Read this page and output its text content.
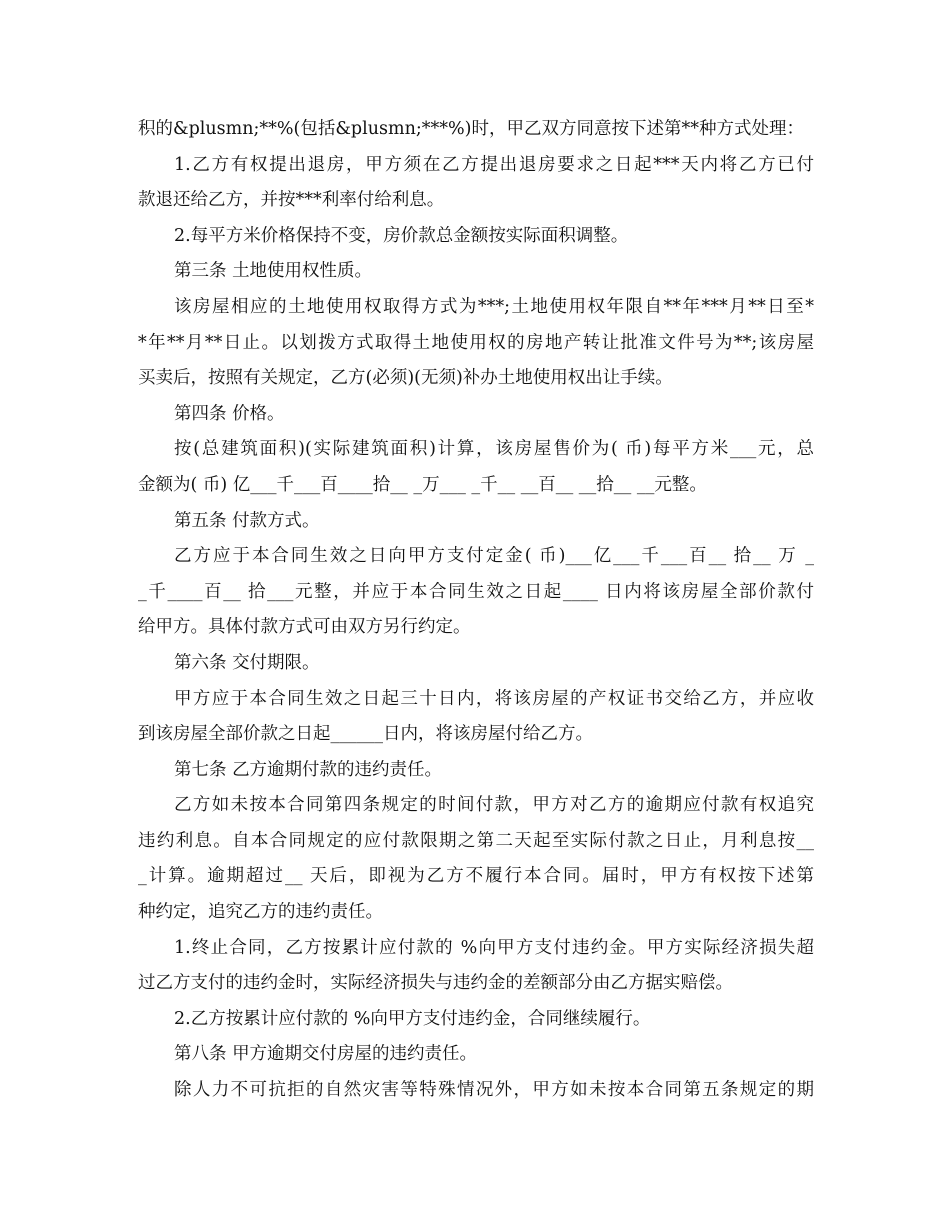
积的&plusmn;**%(包括&plusmn;***%)时，甲乙双方同意按下述第**种方式处理：
1.乙方有权提出退房，甲方须在乙方提出退房要求之日起***天内将乙方已付
款退还给乙方，并按***利率付给利息。
2.每平方米价格保持不变，房价款总金额按实际面积调整。
第三条 土地使用权性质。
该房屋相应的土地使用权取得方式为***;土地使用权年限自**年***月**日至*
*年**月**日止。以划拨方式取得土地使用权的房地产转让批准文件号为**;该房屋
买卖后，按照有关规定，乙方(必须)(无须)补办土地使用权出让手续。
第四条 价格。
按(总建筑面积)(实际建筑面积)计算，该房屋售价为( 币)每平方米___元，总
金额为( 币) 亿___千___百____拾__ _万___ _千__ __百__ __拾__ __元整。
第五条 付款方式。
乙方应于本合同生效之日向甲方支付定金( 币)___亿___千___百__ 拾__ 万 _
_千____百__ 拾___元整，并应于本合同生效之日起____ 日内将该房屋全部价款付
给甲方。具体付款方式可由双方另行约定。
第六条 交付期限。
甲方应于本合同生效之日起三十日内，将该房屋的产权证书交给乙方，并应收
到该房屋全部价款之日起______日内，将该房屋付给乙方。
第七条 乙方逾期付款的违约责任。
乙方如未按本合同第四条规定的时间付款，甲方对乙方的逾期应付款有权追究
违约利息。自本合同规定的应付款限期之第二天起至实际付款之日止，月利息按__
_计算。逾期超过__ 天后，即视为乙方不履行本合同。届时，甲方有权按下述第
种约定，追究乙方的违约责任。
1.终止合同，乙方按累计应付款的 %向甲方支付违约金。甲方实际经济损失超
过乙方支付的违约金时，实际经济损失与违约金的差额部分由乙方据实赔偿。
2.乙方按累计应付款的 %向甲方支付违约金，合同继续履行。
第八条 甲方逾期交付房屋的违约责任。
除人力不可抗拒的自然灾害等特殊情况外，甲方如未按本合同第五条规定的期
